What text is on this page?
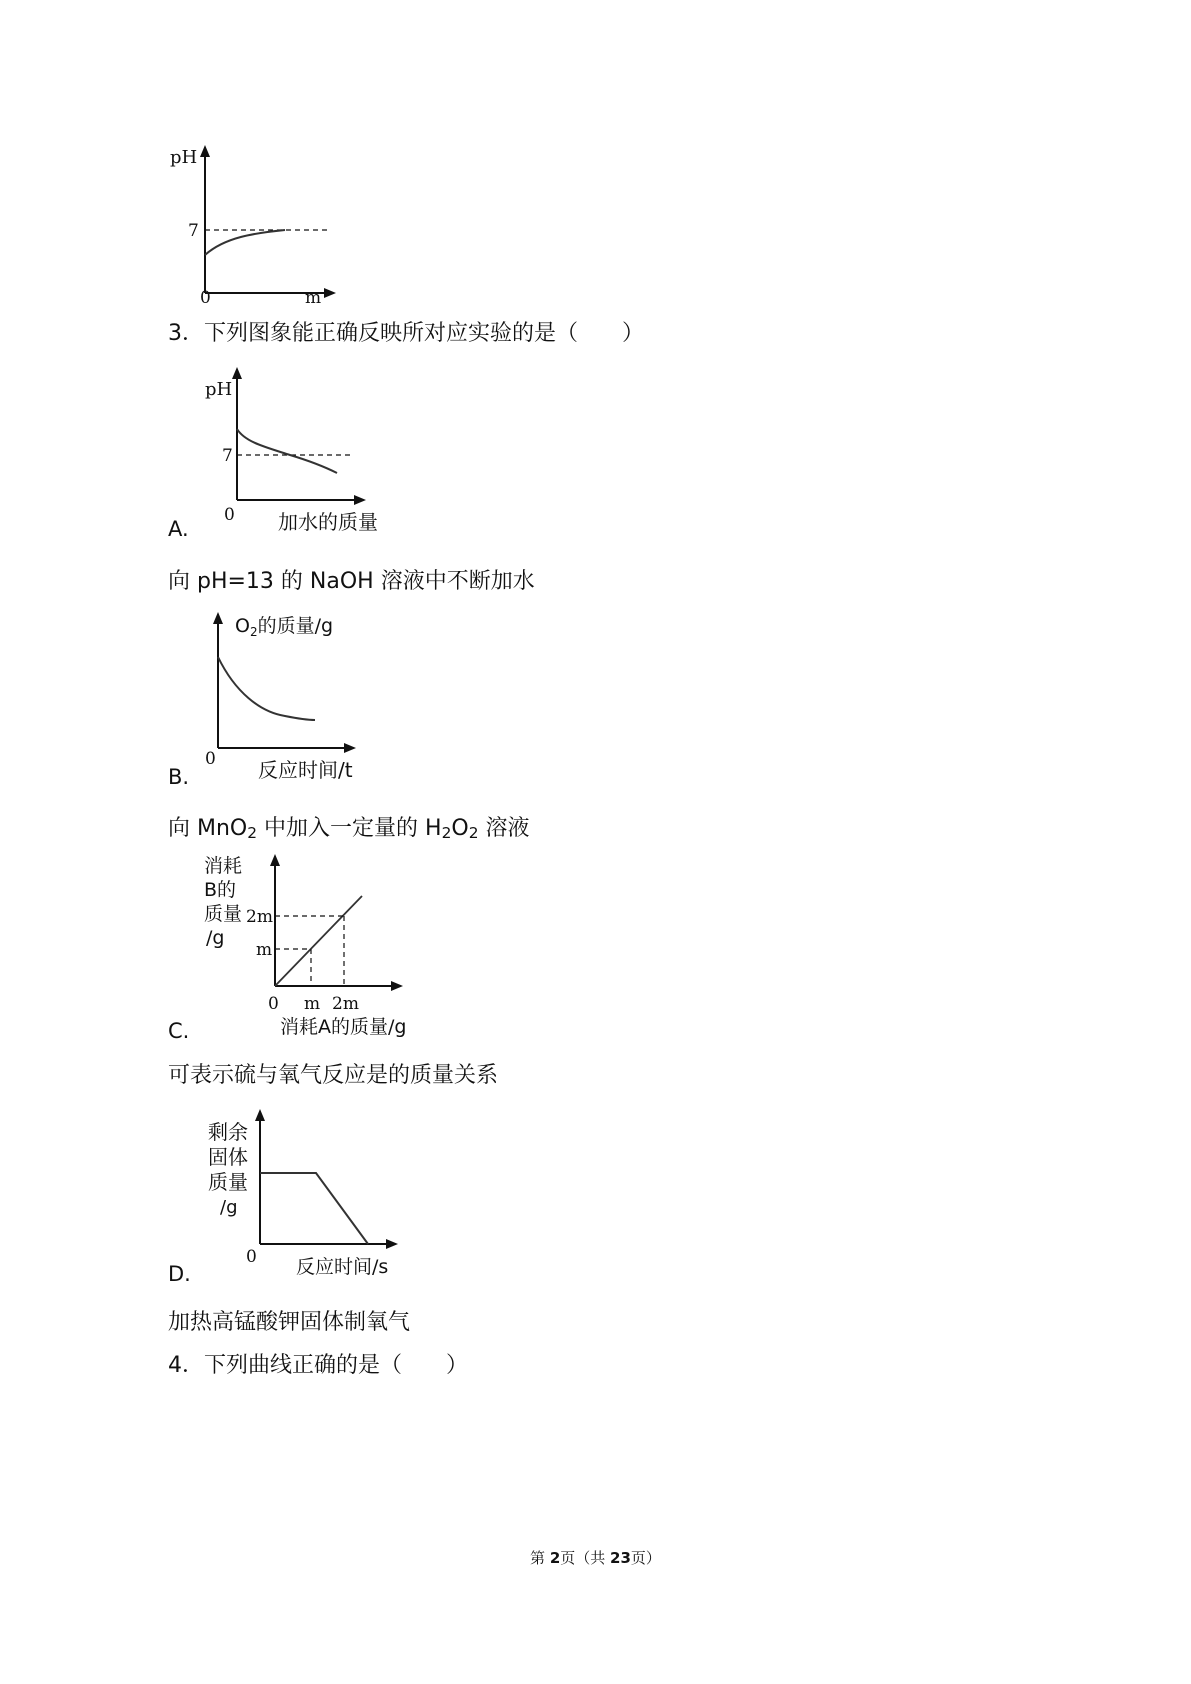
pH
7
0	m
3．下列图象能正确反映所对应实验的是（　　）
pH
7
0 加水的质量
A.
向 pH=13 的 NaOH 溶液中不断加水
$O_2$的质量/g
0 反应时间/t
B.
向 MnO$_2$ 中加入一定量的 $H_2O_2$ 溶液
消耗
B的
质量
/g
2m
m
0 m 2m
消耗A的质量/g
C.
可表示硫与氧气反应是的质量关系
剩余
固体
质量
/g
0 反应时间/s
D.
加热高锰酸钾固体制氧气
4．下列曲线正确的是（　　）
第 2页（共 23页）
